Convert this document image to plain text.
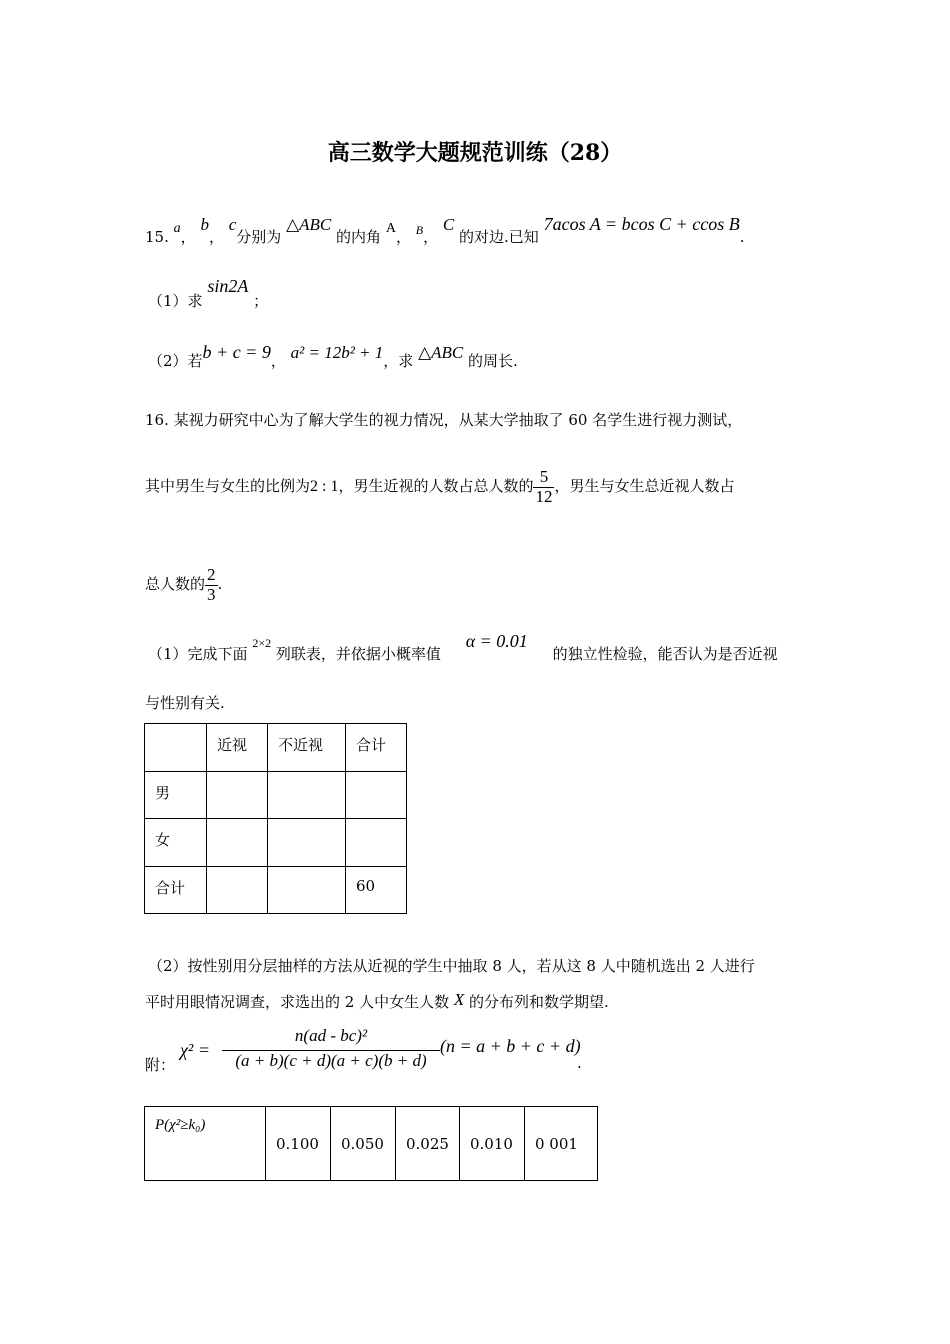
高三数学大题规范训练（28）
15. a， b， c分别为 △ABC 的内角 A， $^B$， C 的对边.已知 7acos A = bcos C + ccos B.
（1）求 sin2A ；
（2）若b + c = 9， a² = 12b² + 1，求 △ABC 的周长.
16. 某视力研究中心为了解大学生的视力情况，从某大学抽取了 60 名学生进行视力测试，
其中男生与女生的比例为2 : 1，男生近视的人数占总人数的 $\frac{5}{12}$ ，男生与女生总近视人数占
总人数的 $\frac{2}{3}$ .
（1）完成下面 $^{2\times 2}$ 列联表，并依据小概率值 α = 0.01 的独立性检验，能否认为是否近视
与性别有关.
	近视	不近视	合计
男			
女			
合计			60
（2）按性别用分层抽样的方法从近视的学生中抽取 8 人，若从这 8 人中随机选出 2 人进行
平时用眼情况调查，求选出的 2 人中女生人数 X 的分布列和数学期望.
附：
χ² =
n(ad - bc)²
(a + b)(c + d)(a + c)(b + d)
(n = a + b + c + d)
.
P(χ²≥k₀)	0.100	0.050	0.025	0.010	0 001
